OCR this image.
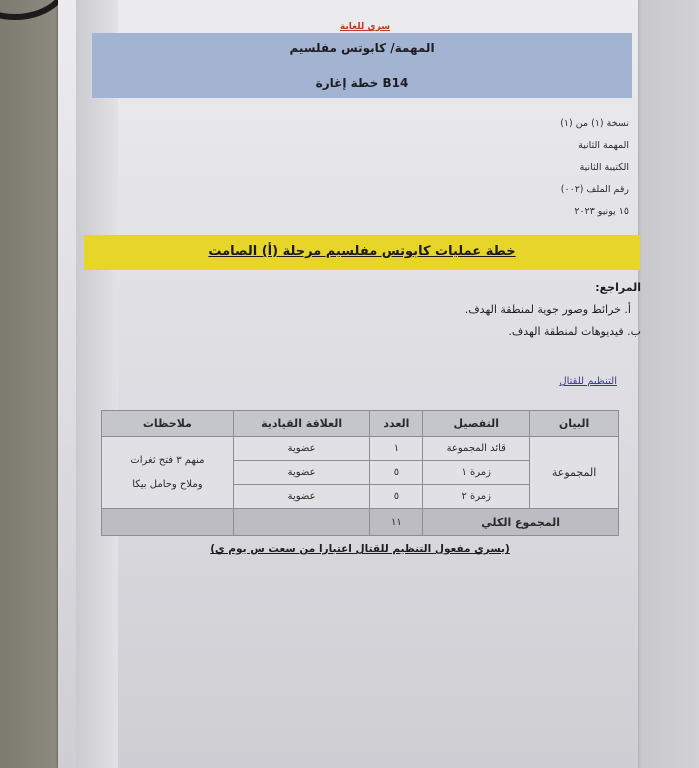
سري للغاية
المهمة/ كابوتس مفلسيم
خطة إغارة B14
نسخة (١) من (١)
المهمة الثانية
الكتيبة الثانية
رقم الملف (٠٠٢)
١٥ يونيو ٢٠٢٣
خطة عمليات كابوتس مفلسيم مرحلة (أ) الصامت
المراجع:
أ. خرائط وصور جوية لمنطقة الهدف.
ب. فيديوهات لمنطقة الهدف.
التنظيم للقتال
البيان	التفصيل	العدد	العلاقة القيادية	ملاحظات
المجموعة	قائد المجموعة	١	عضوية	منهم ٣ فتح ثغرات
وملاح وحامل بيكا

	زمرة ١	٥	عضوية	
	زمرة ٢	٥	عضوية	
المجموع الكلي		١١		
(يسري مفعول التنظيم للقتال اعتبارا من سعت س يوم ي)
